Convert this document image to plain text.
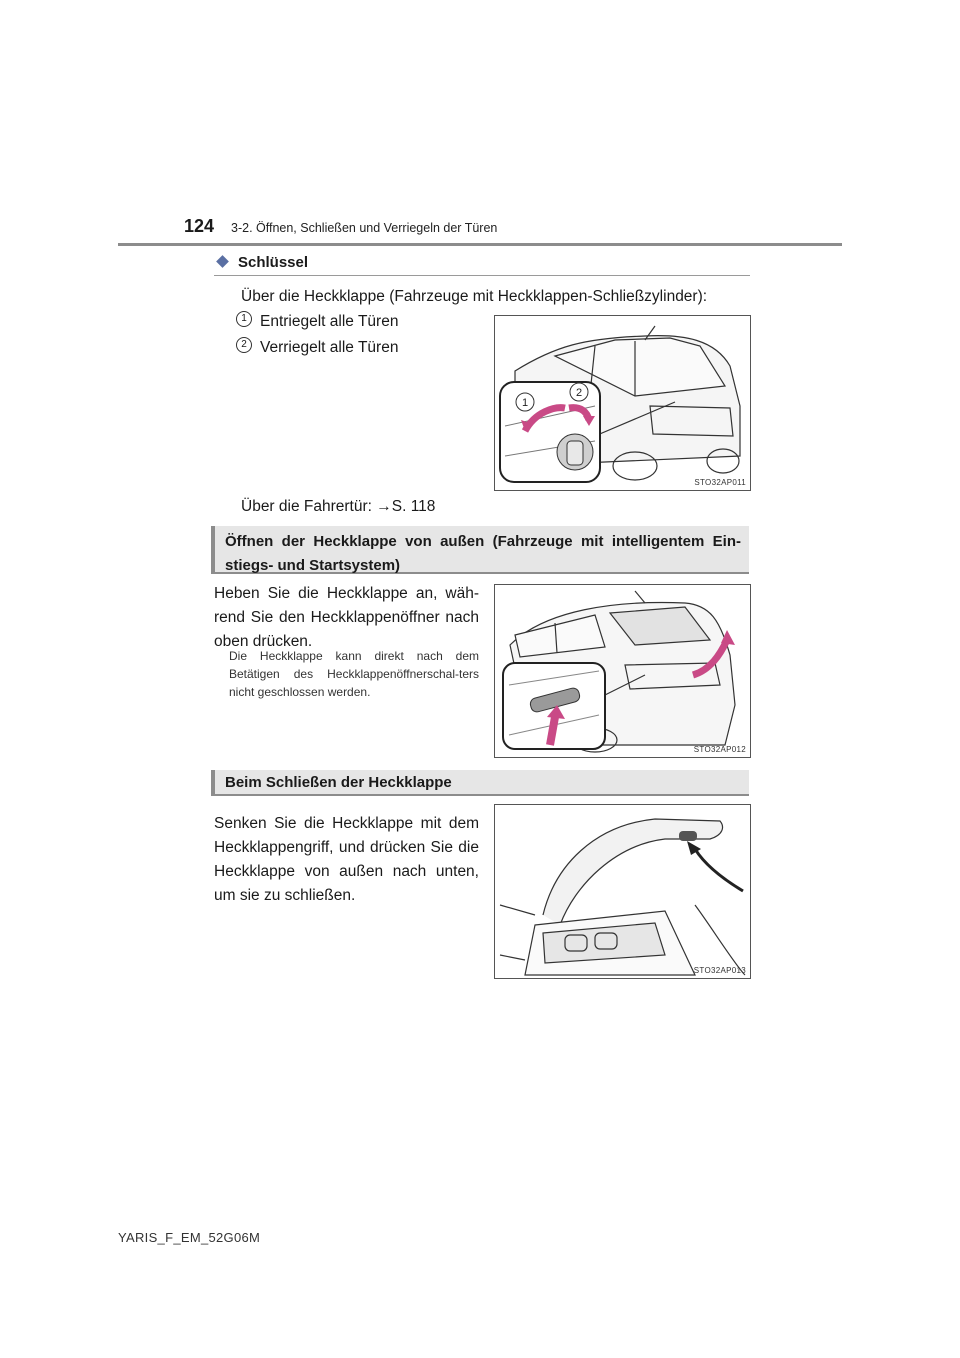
124 3-2. Öffnen, Schließen und Verriegeln der Türen
Schlüssel
Über die Heckklappe (Fahrzeuge mit Heckklappen-Schließzylinder):
1 Entriegelt alle Türen
2 Verriegelt alle Türen
1
2
STO32AP011
Über die Fahrertür: →S. 118
Öffnen der Heckklappe von außen (Fahrzeuge mit intelligentem Ein-stiegs- und Startsystem)
Heben Sie die Heckklappe an, wäh-rend Sie den Heckklappenöffner nach oben drücken.
Die Heckklappe kann direkt nach dem Betätigen des Heckklappenöffnerschal-ters nicht geschlossen werden.
STO32AP012
Beim Schließen der Heckklappe
Senken Sie die Heckklappe mit dem Heckklappengriff, und drücken Sie die Heckklappe von außen nach unten, um sie zu schließen.
STO32AP013
YARIS_F_EM_52G06M
